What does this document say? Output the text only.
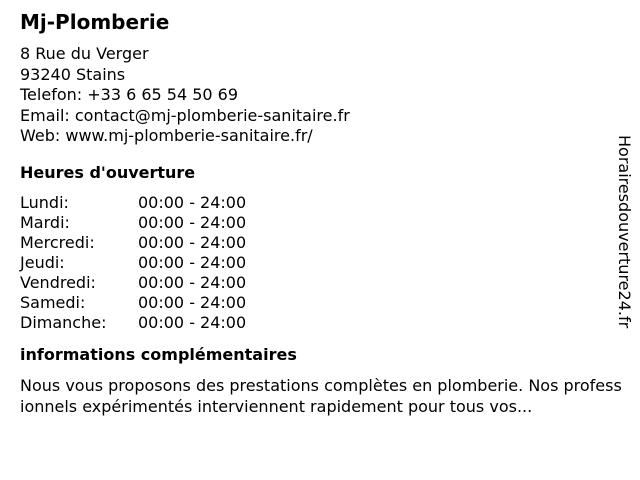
Mj-Plomberie
8 Rue du Verger
93240 Stains
Telefon: +33 6 65 54 50 69
Email: contact@mj-plomberie-sanitaire.fr
Web: www.mj-plomberie-sanitaire.fr/
Heures d'ouverture
Lundi:	00:00 - 24:00
Mardi:	00:00 - 24:00
Mercredi:	00:00 - 24:00
Jeudi:	00:00 - 24:00
Vendredi:	00:00 - 24:00
Samedi:	00:00 - 24:00
Dimanche:	00:00 - 24:00
informations complémentaires
Nous vous proposons des prestations complètes en plomberie. Nos professionnels expérimentés interviennent rapidement pour tous vos...
Horairesdouverture24.fr
